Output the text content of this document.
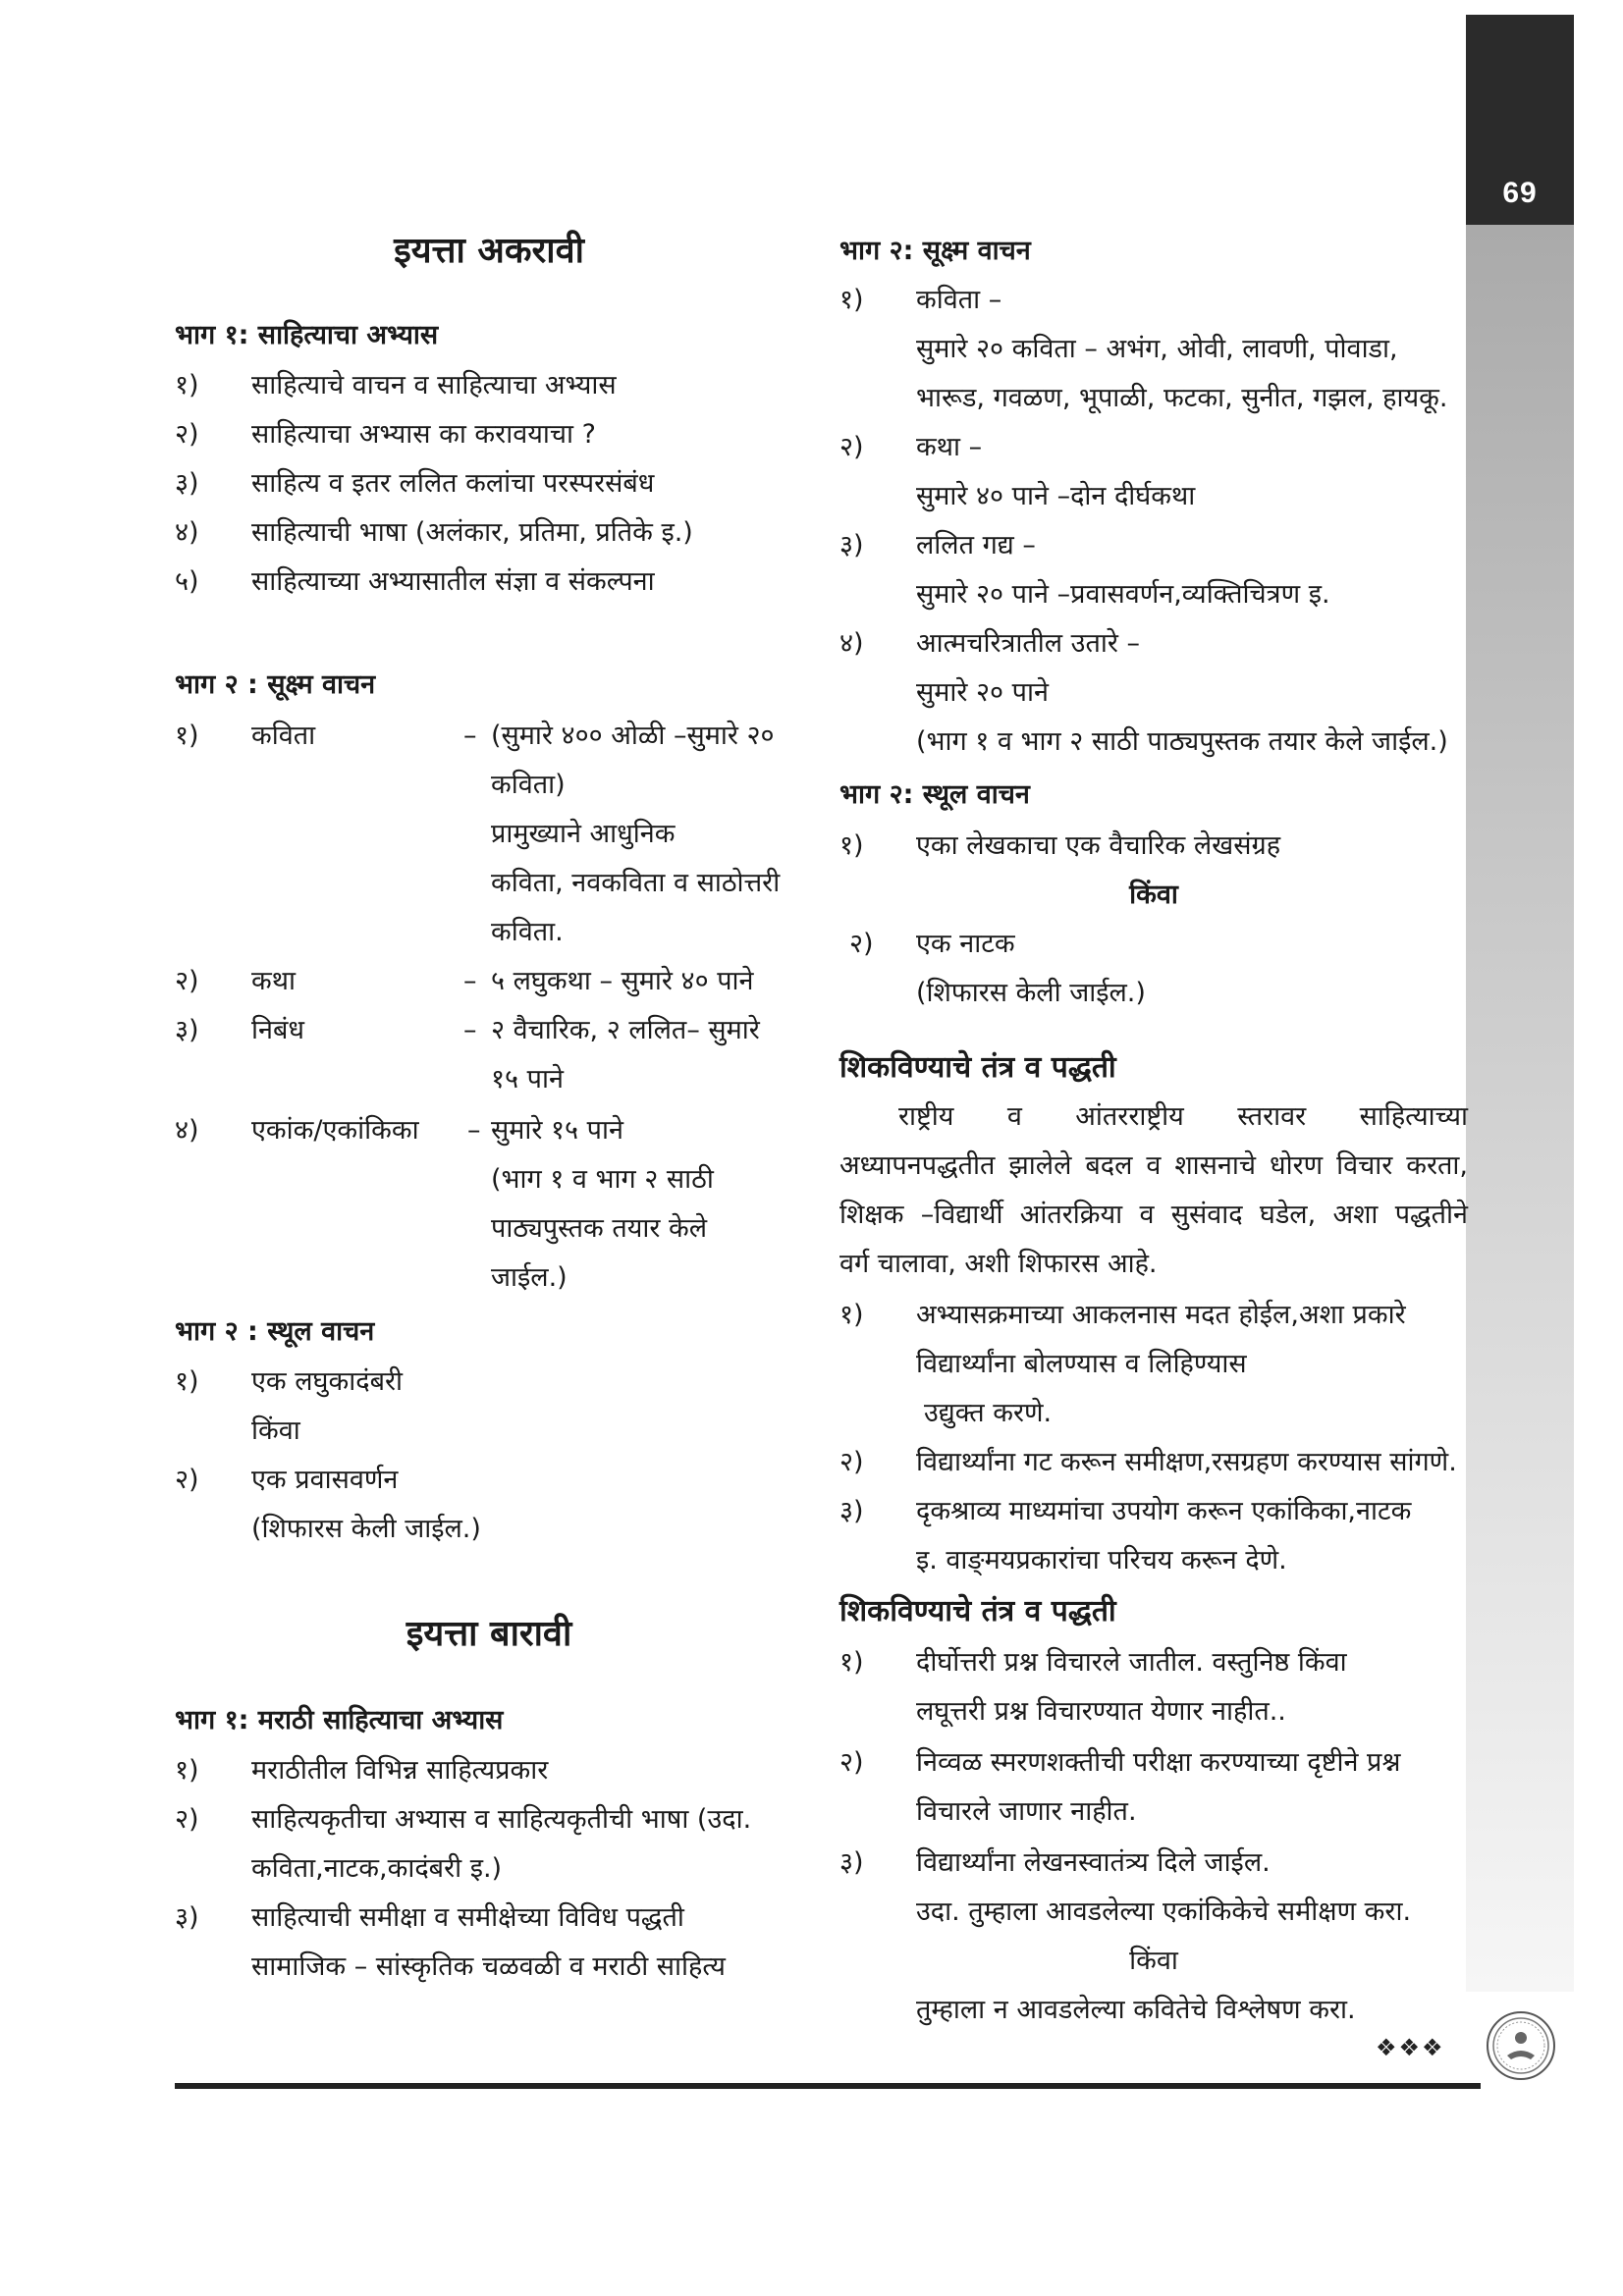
69
इयत्ता अकरावी
भाग १: साहित्याचा अभ्यास
१) साहित्याचे वाचन व साहित्याचा अभ्यास
२) साहित्याचा अभ्यास का करावयाचा ?
३) साहित्य व इतर ललित कलांचा परस्परसंबंध
४) साहित्याची भाषा (अलंकार, प्रतिमा, प्रतिके इ.)
५) साहित्याच्या अभ्यासातील संज्ञा व संकल्पना
भाग २ : सूक्ष्म वाचन
१) कविता	– (सुमारे ४०० ओळी –सुमारे २०
कविता)
प्रामुख्याने आधुनिक
कविता, नवकविता व साठोत्तरी
कविता.
२) कथा	– ५ लघुकथा – सुमारे ४० पाने
३) निबंध	– २ वैचारिक, २ ललित– सुमारे
१५ पाने
४) एकांक/एकांकिका – सुमारे १५ पाने
(भाग १ व भाग २ साठी
पाठ्यपुस्तक तयार केले
जाईल.)
भाग २ : स्थूल वाचन
१) एक लघुकादंबरी
किंवा
२) एक प्रवासवर्णन
(शिफारस केली जाईल.)
इयत्ता बारावी
भाग १: मराठी साहित्याचा अभ्यास
१) मराठीतील विभिन्न साहित्यप्रकार
२) साहित्यकृतीचा अभ्यास व साहित्यकृतीची भाषा (उदा.
कविता,नाटक,कादंबरी इ.)
३) साहित्याची समीक्षा व समीक्षेच्या विविध पद्धती
सामाजिक – सांस्कृतिक चळवळी व मराठी साहित्य
भाग २: सूक्ष्म वाचन
१) कविता –
सुमारे २० कविता – अभंग, ओवी, लावणी, पोवाडा,
भारूड, गवळण, भूपाळी, फटका, सुनीत, गझल, हायकू.
२) कथा –
सुमारे ४० पाने –दोन दीर्घकथा
३) ललित गद्य –
सुमारे २० पाने –प्रवासवर्णन,व्यक्तिचित्रण इ.
४) आत्मचरित्रातील उतारे –
सुमारे २० पाने
(भाग १ व भाग २ साठी पाठ्यपुस्तक तयार केले जाईल.)
भाग २: स्थूल वाचन
१) एका लेखकाचा एक वैचारिक लेखसंग्रह
किंवा
२) एक नाटक
(शिफारस केली जाईल.)
शिकविण्याचे तंत्र व पद्धती
राष्ट्रीय व आंतरराष्ट्रीय स्तरावर साहित्याच्या
अध्यापनपद्धतीत झालेले बदल व शासनाचे धोरण विचार करता,
शिक्षक –विद्यार्थी आंतरक्रिया व सुसंवाद घडेल, अशा पद्धतीने
वर्ग चालावा, अशी शिफारस आहे.
१) अभ्यासक्रमाच्या आकलनास मदत होईल,अशा प्रकारे
विद्यार्थ्यांना बोलण्यास व लिहिण्यास
उद्युक्त करणे.
२) विद्यार्थ्यांना गट करून समीक्षण,रसग्रहण करण्यास सांगणे.
३) दृकश्राव्य माध्यमांचा उपयोग करून एकांकिका,नाटक
इ. वाङ्‌मयप्रकारांचा परिचय करून देणे.
शिकविण्याचे तंत्र व पद्धती
१) दीर्घोत्तरी प्रश्न विचारले जातील. वस्तुनिष्ठ किंवा
लघूत्तरी प्रश्न विचारण्यात येणार नाहीत..
२) निव्वळ स्मरणशक्तीची परीक्षा करण्याच्या दृष्टीने प्रश्न
विचारले जाणार नाहीत.
३) विद्यार्थ्यांना लेखनस्वातंत्र्य दिले जाईल.
उदा. तुम्हाला आवडलेल्या एकांकिकेचे समीक्षण करा.
किंवा
तुम्हाला न आवडलेल्या कवितेचे विश्लेषण करा.
❖❖❖
